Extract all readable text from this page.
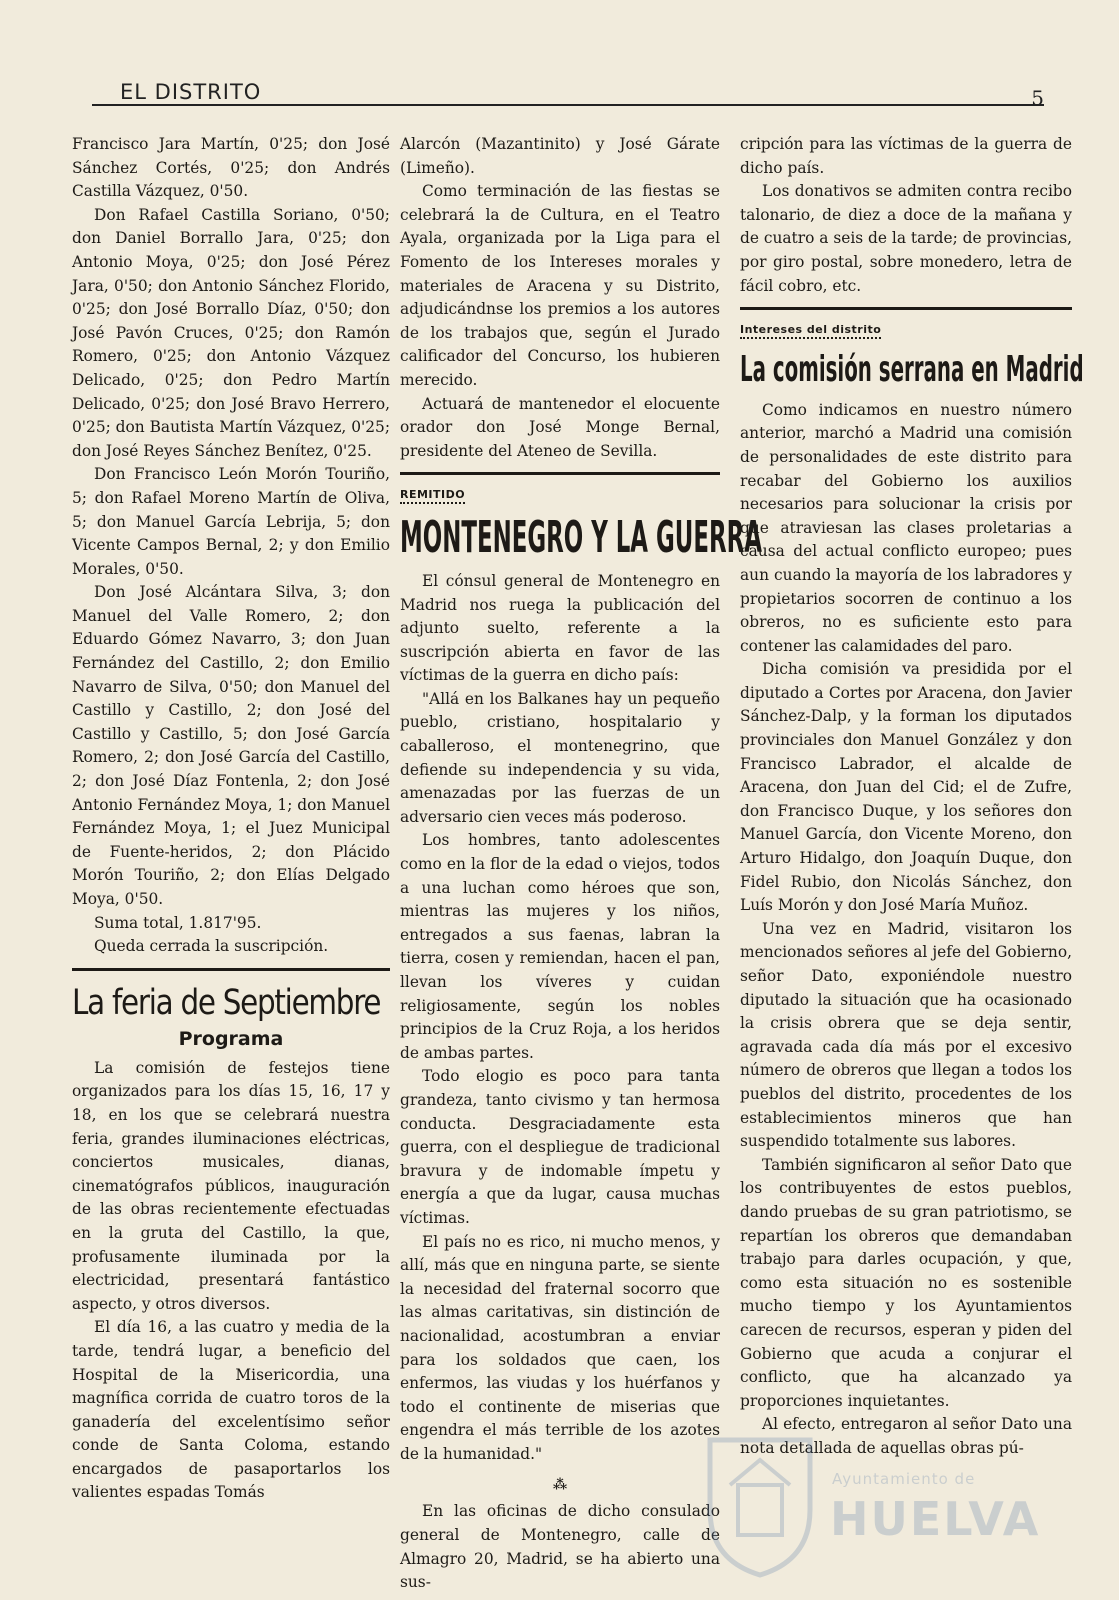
EL DISTRITO	5

Francisco Jara Martín, 0'25; don José Sánchez Cortés, 0'25; don Andrés Castilla Vázquez, 0'50.

Don Rafael Castilla Soriano, 0'50; don Daniel Borrallo Jara, 0'25; don Antonio Moya, 0'25; don José Pérez Jara, 0'50; don Antonio Sánchez Florido, 0'25; don José Borrallo Díaz, 0'50; don José Pavón Cruces, 0'25; don Ramón Romero, 0'25; don Antonio Vázquez Delicado, 0'25; don Pedro Martín Delicado, 0'25; don José Bravo Herrero, 0'25; don Bautista Martín Vázquez, 0'25; don José Reyes Sánchez Benítez, 0'25.

Don Francisco León Morón Touriño, 5; don Rafael Moreno Martín de Oliva, 5; don Manuel García Lebrija, 5; don Vicente Campos Bernal, 2; y don Emilio Morales, 0'50.

Don José Alcántara Silva, 3; don Manuel del Valle Romero, 2; don Eduardo Gómez Navarro, 3; don Juan Fernández del Castillo, 2; don Emilio Navarro de Silva, 0'50; don Manuel del Castillo y Castillo, 2; don José del Castillo y Castillo, 5; don José García Romero, 2; don José García del Castillo, 2; don José Díaz Fontenla, 2; don José Antonio Fernández Moya, 1; don Manuel Fernández Moya, 1; el Juez Municipal de Fuente-heridos, 2; don Plácido Morón Touriño, 2; don Elías Delgado Moya, 0'50.

Suma total, 1.817'95.

Queda cerrada la suscripción.

La feria de Septiembre
Programa

La comisión de festejos tiene organizados para los días 15, 16, 17 y 18, en los que se celebrará nuestra feria, grandes iluminaciones eléctricas, conciertos musicales, dianas, cinematógrafos públicos, inauguración de las obras recientemente efectuadas en la gruta del Castillo, la que, profusamente iluminada por la electricidad, presentará fantástico aspecto, y otros diversos.

El día 16, a las cuatro y media de la tarde, tendrá lugar, a beneficio del Hospital de la Misericordia, una magnífica corrida de cuatro toros de la ganadería del excelentísimo señor conde de Santa Coloma, estando encargados de pasaportarlos los valientes espadas Tomás

Alarcón (Mazantinito) y José Gárate (Limeño).

Como terminación de las fiestas se celebrará la de Cultura, en el Teatro Ayala, organizada por la Liga para el Fomento de los Intereses morales y materiales de Aracena y su Distrito, adjudicándnse los premios a los autores de los trabajos que, según el Jurado calificador del Concurso, los hubieren merecido.

Actuará de mantenedor el elocuente orador don José Monge Bernal, presidente del Ateneo de Sevilla.

REMITIDO
MONTENEGRO Y LA GUERRA

El cónsul general de Montenegro en Madrid nos ruega la publicación del adjunto suelto, referente a la suscripción abierta en favor de las víctimas de la guerra en dicho país:

"Allá en los Balkanes hay un pequeño pueblo, cristiano, hospitalario y caballeroso, el montenegrino, que defiende su independencia y su vida, amenazadas por las fuerzas de un adversario cien veces más poderoso.

Los hombres, tanto adolescentes como en la flor de la edad o viejos, todos a una luchan como héroes que son, mientras las mujeres y los niños, entregados a sus faenas, labran la tierra, cosen y remiendan, hacen el pan, llevan los víveres y cuidan religiosamente, según los nobles principios de la Cruz Roja, a los heridos de ambas partes.

Todo elogio es poco para tanta grandeza, tanto civismo y tan hermosa conducta. Desgraciadamente esta guerra, con el despliegue de tradicional bravura y de indomable ímpetu y energía a que da lugar, causa muchas víctimas.

El país no es rico, ni mucho menos, y allí, más que en ninguna parte, se siente la necesidad del fraternal socorro que las almas caritativas, sin distinción de nacionalidad, acostumbran a enviar para los soldados que caen, los enfermos, las viudas y los huérfanos y todo el continente de miserias que engendra el más terrible de los azotes de la humanidad."

⁂

En las oficinas de dicho consulado general de Montenegro, calle de Almagro 20, Madrid, se ha abierto una sus-

cripción para las víctimas de la guerra de dicho país.

Los donativos se admiten contra recibo talonario, de diez a doce de la mañana y de cuatro a seis de la tarde; de provincias, por giro postal, sobre monedero, letra de fácil cobro, etc.

Intereses del distrito
La comisión serrana en Madrid

Como indicamos en nuestro número anterior, marchó a Madrid una comisión de personalidades de este distrito para recabar del Gobierno los auxilios necesarios para solucionar la crisis por que atraviesan las clases proletarias a causa del actual conflicto europeo; pues aun cuando la mayoría de los labradores y propietarios socorren de continuo a los obreros, no es suficiente esto para contener las calamidades del paro.

Dicha comisión va presidida por el diputado a Cortes por Aracena, don Javier Sánchez-Dalp, y la forman los diputados provinciales don Manuel González y don Francisco Labrador, el alcalde de Aracena, don Juan del Cid; el de Zufre, don Francisco Duque, y los señores don Manuel García, don Vicente Moreno, don Arturo Hidalgo, don Joaquín Duque, don Fidel Rubio, don Nicolás Sánchez, don Luís Morón y don José María Muñoz.

Una vez en Madrid, visitaron los mencionados señores al jefe del Gobierno, señor Dato, exponiéndole nuestro diputado la situación que ha ocasionado la crisis obrera que se deja sentir, agravada cada día más por el excesivo número de obreros que llegan a todos los pueblos del distrito, procedentes de los establecimientos mineros que han suspendido totalmente sus labores.

También significaron al señor Dato que los contribuyentes de estos pueblos, dando pruebas de su gran patriotismo, se repartían los obreros que demandaban trabajo para darles ocupación, y que, como esta situación no es sostenible mucho tiempo y los Ayuntamientos carecen de recursos, esperan y piden del Gobierno que acuda a conjurar el conflicto, que ha alcanzado ya proporciones inquietantes.

Al efecto, entregaron al señor Dato una nota detallada de aquellas obras pú-

Ayuntamiento de
HUELVA
